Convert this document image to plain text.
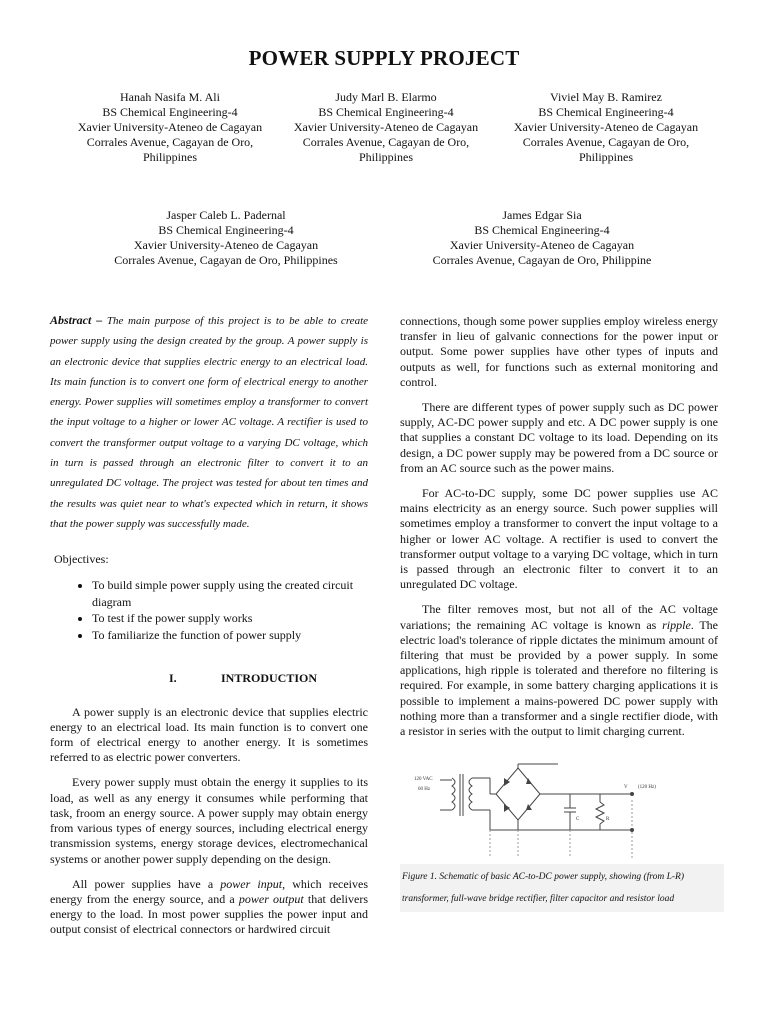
POWER SUPPLY PROJECT
Hanah Nasifa M. Ali
BS Chemical Engineering-4
Xavier University-Ateneo de Cagayan
Corrales Avenue, Cagayan de Oro,
Philippines
Judy Marl B. Elarmo
BS Chemical Engineering-4
Xavier University-Ateneo de Cagayan
Corrales Avenue, Cagayan de Oro,
Philippines
Viviel May B. Ramirez
BS Chemical Engineering-4
Xavier University-Ateneo de Cagayan
Corrales Avenue, Cagayan de Oro,
Philippines
Jasper Caleb L. Padernal
BS Chemical Engineering-4
Xavier University-Ateneo de Cagayan
Corrales Avenue, Cagayan de Oro, Philippines
James Edgar Sia
BS Chemical Engineering-4
Xavier University-Ateneo de Cagayan
Corrales Avenue, Cagayan de Oro, Philippine
Abstract – The main purpose of this project is to be able to create power supply using the design created by the group. A power supply is an electronic device that supplies electric energy to an electrical load. Its main function is to convert one form of electrical energy to another energy. Power supplies will sometimes employ a transformer to convert the input voltage to a higher or lower AC voltage. A rectifier is used to convert the transformer output voltage to a varying DC voltage, which in turn is passed through an electronic filter to convert it to an unregulated DC voltage. The project was tested for about ten times and the results was quiet near to what's expected which in return, it shows that the power supply was successfully made.
Objectives:
• To build simple power supply using the created circuit diagram
• To test if the power supply works
• To familiarize the function of power supply
I.	INTRODUCTION

A power supply is an electronic device that supplies electric energy to an electrical load. Its main function is to convert one form of electrical energy to another energy. It is sometimes referred to as electric power converters.

Every power supply must obtain the energy it supplies to its load, as well as any energy it consumes while performing that task, froom an energy source. A power supply may obtain energy from various types of energy sources, including electrical energy transmission systems, energy storage devices, electromechanical systems or another power supply depending on the design.

All power supplies have a power input, which receives energy from the energy source, and a power output that delivers energy to the load. In most power supplies the power input and output consist of electrical connectors or hardwired circuit

connections, though some power supplies employ wireless energy transfer in lieu of galvanic connections for the power input or output. Some power supplies have other types of inputs and outputs as well, for functions such as external monitoring and control.

There are different types of power supply such as DC power supply, AC-DC power supply and etc. A DC power supply is one that supplies a constant DC voltage to its load. Depending on its design, a DC power supply may be powered from a DC source or from an AC source such as the power mains.

For AC-to-DC supply, some DC power supplies use AC mains electricity as an energy source. Such power supplies will sometimes employ a transformer to convert the input voltage to a higher or lower AC voltage. A rectifier is used to convert the transformer output voltage to a varying DC voltage, which in turn is passed through an electronic filter to convert it to an unregulated DC voltage.

The filter removes most, but not all of the AC voltage variations; the remaining AC voltage is known as ripple. The electric load's tolerance of ripple dictates the minimum amount of filtering that must be provided by a power supply. In some applications, high ripple is tolerated and therefore no filtering is required. For example, in some battery charging applications it is possible to implement a mains-powered DC power supply with nothing more than a transformer and a single rectifier diode, with a resistor in series with the output to limit charging current.

120 VAC
60 Hz
C	R
V (120 Hz)
Figure 1. Schematic of basic AC-to-DC power supply, showing (from L-R) transformer, full-wave bridge rectifier, filter capacitor and resistor load
